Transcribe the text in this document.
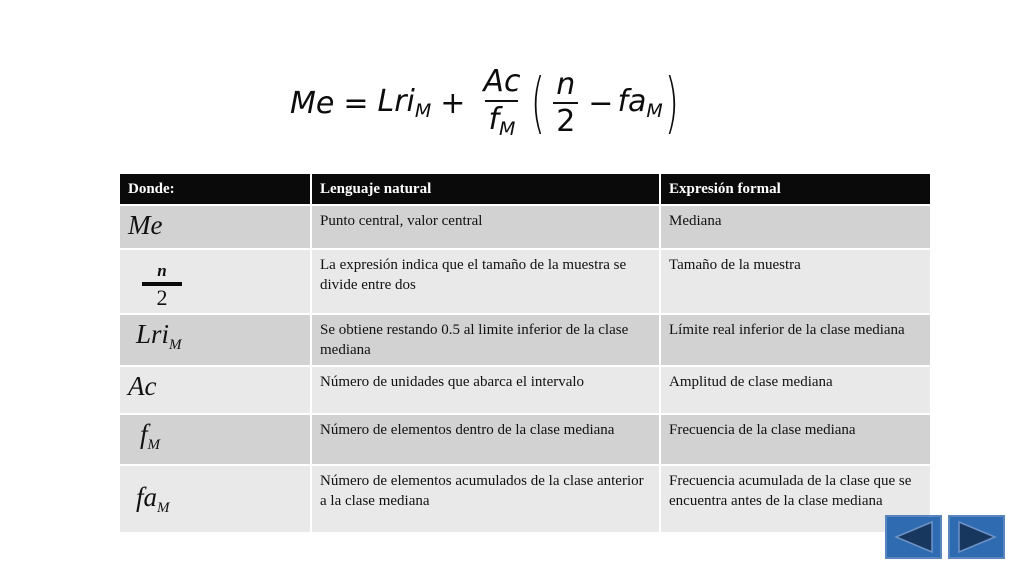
$Me = Lri_M + \frac{Ac}{f_M}$ ( $\frac{n}{2} - fa_M$ )
Donde:	Lenguaje natural	Expresión formal
Me	Punto central, valor central	Mediana

n
2	La expresión indica que el tamaño de la muestra se divide entre dos	Tamaño de la muestra
Lri$_M$	Se obtiene restando 0.5 al limite inferior de la clase mediana	Límite real inferior de la clase mediana
Ac	Número de unidades que abarca el intervalo	Amplitud de clase mediana
$f_M$	Número de elementos dentro de la clase mediana	Frecuencia de la clase mediana
$fa_M$	Número de elementos acumulados de la clase anterior a la clase mediana	Frecuencia acumulada de la clase que se encuentra antes de la clase mediana
